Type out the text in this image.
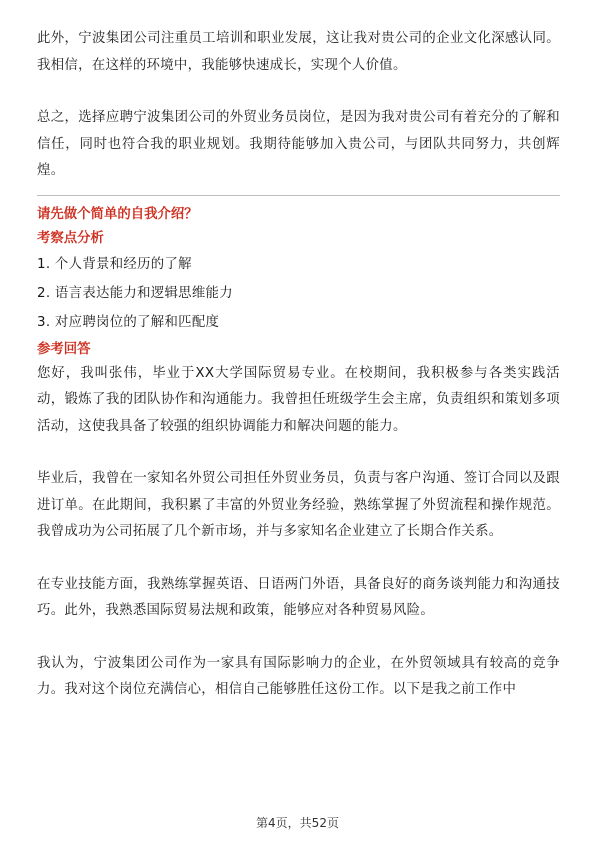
此外，宁波集团公司注重员工培训和职业发展，这让我对贵公司的企业文化深感认同。我相信，在这样的环境中，我能够快速成长，实现个人价值。

总之，选择应聘宁波集团公司的外贸业务员岗位，是因为我对贵公司有着充分的了解和信任，同时也符合我的职业规划。我期待能够加入贵公司，与团队共同努力，共创辉煌。

请先做个简单的自我介绍？

考察点分析

1. 个人背景和经历的了解
2. 语言表达能力和逻辑思维能力
3. 对应聘岗位的了解和匹配度

参考回答

您好，我叫张伟，毕业于XX大学国际贸易专业。在校期间，我积极参与各类实践活动，锻炼了我的团队协作和沟通能力。我曾担任班级学生会主席，负责组织和策划多项活动，这使我具备了较强的组织协调能力和解决问题的能力。

毕业后，我曾在一家知名外贸公司担任外贸业务员，负责与客户沟通、签订合同以及跟进订单。在此期间，我积累了丰富的外贸业务经验，熟练掌握了外贸流程和操作规范。我曾成功为公司拓展了几个新市场，并与多家知名企业建立了长期合作关系。

在专业技能方面，我熟练掌握英语、日语两门外语，具备良好的商务谈判能力和沟通技巧。此外，我熟悉国际贸易法规和政策，能够应对各种贸易风险。

我认为，宁波集团公司作为一家具有国际影响力的企业，在外贸领域具有较高的竞争力。我对这个岗位充满信心，相信自己能够胜任这份工作。以下是我之前工作中

第4页，共52页
